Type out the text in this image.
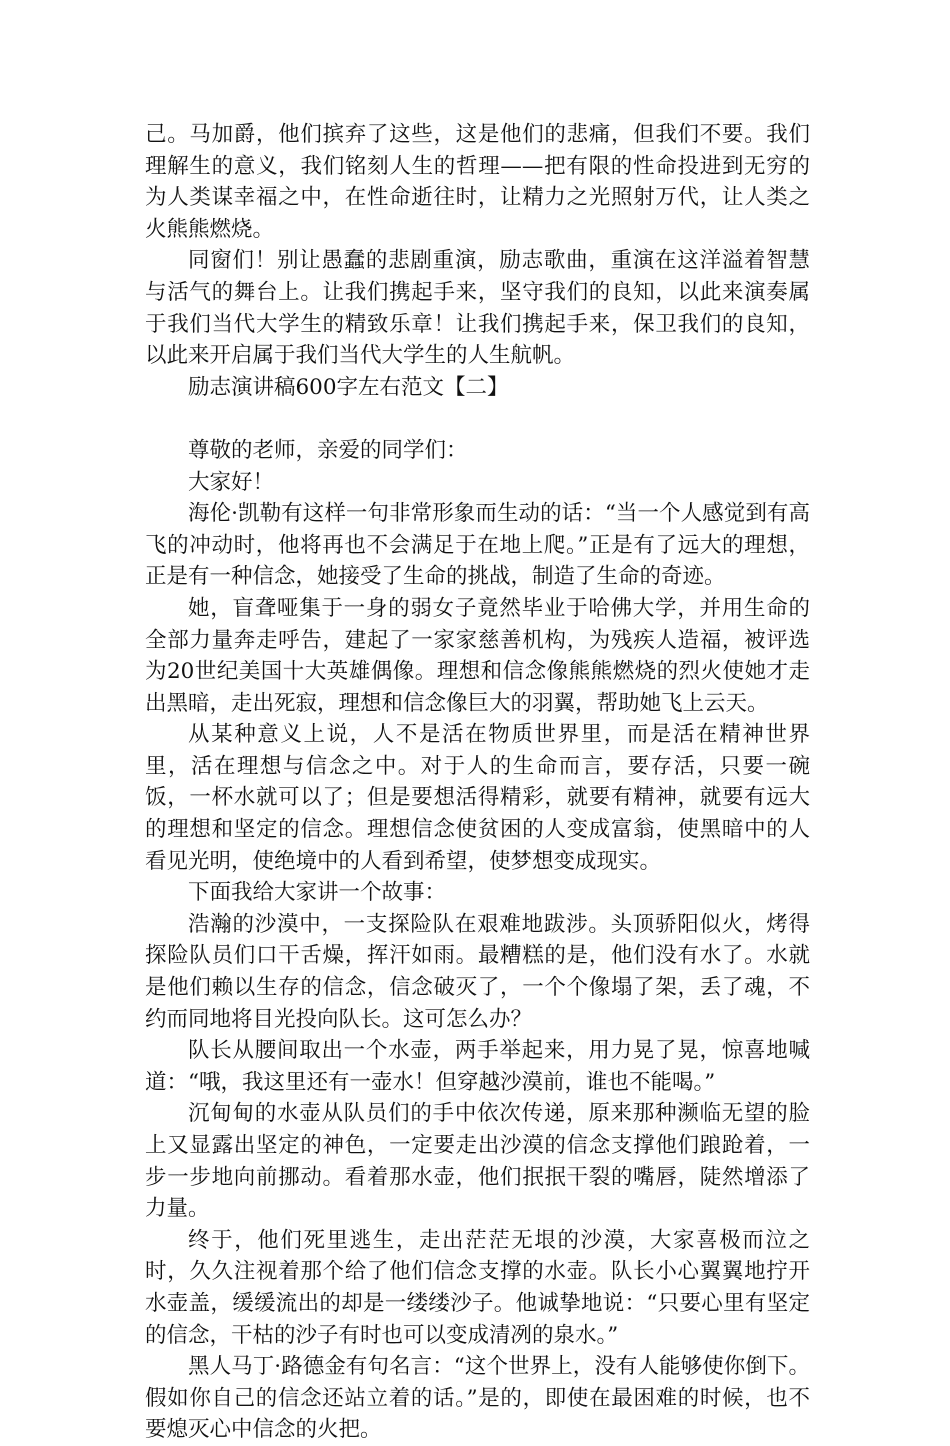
己。马加爵，他们摈弃了这些，这是他们的悲痛，但我们不要。我们理解生的意义，我们铭刻人生的哲理——把有限的性命投进到无穷的为人类谋幸福之中，在性命逝往时，让精力之光照射万代，让人类之火熊熊燃烧。

同窗们！别让愚蠢的悲剧重演，励志歌曲，重演在这洋溢着智慧与活气的舞台上。让我们携起手来，坚守我们的良知，以此来演奏属于我们当代大学生的精致乐章！让我们携起手来，保卫我们的良知，以此来开启属于我们当代大学生的人生航帆。

励志演讲稿600字左右范文【二】

尊敬的老师，亲爱的同学们：

大家好！

海伦·凯勒有这样一句非常形象而生动的话：“当一个人感觉到有高飞的冲动时，他将再也不会满足于在地上爬。”正是有了远大的理想，正是有一种信念，她接受了生命的挑战，制造了生命的奇迹。

她，盲聋哑集于一身的弱女子竟然毕业于哈佛大学，并用生命的全部力量奔走呼告，建起了一家家慈善机构，为残疾人造福，被评选为20世纪美国十大英雄偶像。理想和信念像熊熊燃烧的烈火使她才走出黑暗，走出死寂，理想和信念像巨大的羽翼，帮助她飞上云天。

从某种意义上说，人不是活在物质世界里，而是活在精神世界里，活在理想与信念之中。对于人的生命而言，要存活，只要一碗饭，一杯水就可以了；但是要想活得精彩，就要有精神，就要有远大的理想和坚定的信念。理想信念使贫困的人变成富翁，使黑暗中的人看见光明，使绝境中的人看到希望，使梦想变成现实。

下面我给大家讲一个故事：

浩瀚的沙漠中，一支探险队在艰难地跋涉。头顶骄阳似火，烤得探险队员们口干舌燥，挥汗如雨。最糟糕的是，他们没有水了。水就是他们赖以生存的信念，信念破灭了，一个个像塌了架，丢了魂，不约而同地将目光投向队长。这可怎么办？

队长从腰间取出一个水壶，两手举起来，用力晃了晃，惊喜地喊道：“哦，我这里还有一壶水！但穿越沙漠前，谁也不能喝。”

沉甸甸的水壶从队员们的手中依次传递，原来那种濒临无望的脸上又显露出坚定的神色，一定要走出沙漠的信念支撑他们踉跄着，一步一步地向前挪动。看着那水壶，他们抿抿干裂的嘴唇，陡然增添了力量。

终于，他们死里逃生，走出茫茫无垠的沙漠，大家喜极而泣之时，久久注视着那个给了他们信念支撑的水壶。队长小心翼翼地拧开水壶盖，缓缓流出的却是一缕缕沙子。他诚挚地说：“只要心里有坚定的信念，干枯的沙子有时也可以变成清冽的泉水。”

黑人马丁·路德金有句名言：“这个世界上，没有人能够使你倒下。假如你自己的信念还站立着的话。”是的，即使在最困难的时候，也不要熄灭心中信念的火把。
